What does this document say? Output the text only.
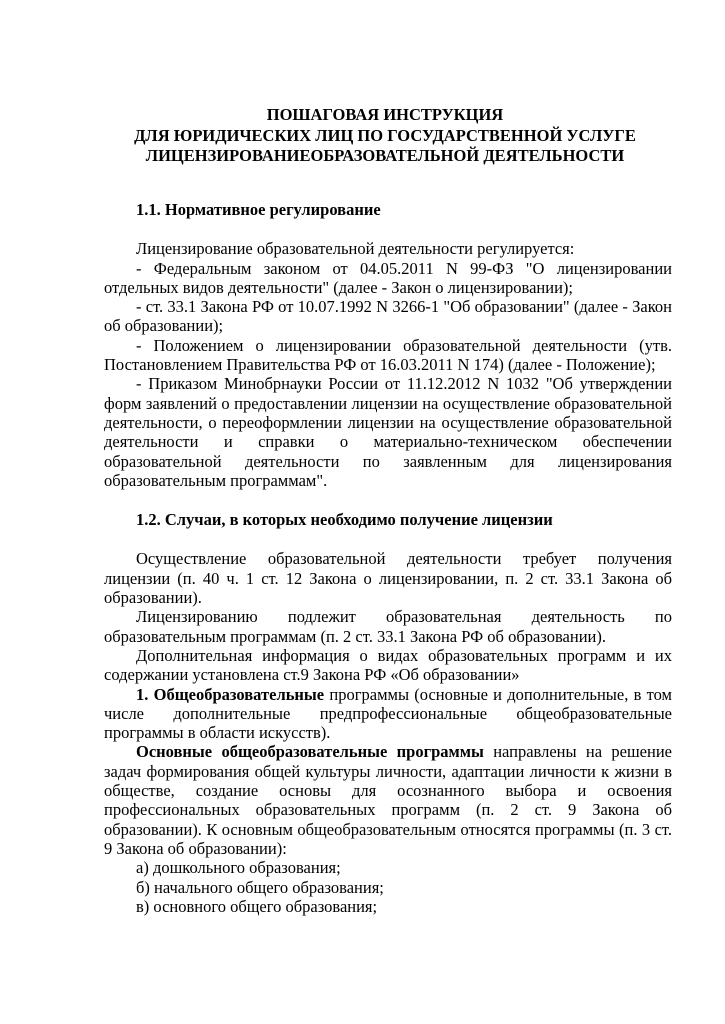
ПОШАГОВАЯ ИНСТРУКЦИЯ
ДЛЯ ЮРИДИЧЕСКИХ ЛИЦ ПО ГОСУДАРСТВЕННОЙ УСЛУГЕ
ЛИЦЕНЗИРОВАНИЕОБРАЗОВАТЕЛЬНОЙ ДЕЯТЕЛЬНОСТИ
1.1. Нормативное регулирование
Лицензирование образовательной деятельности регулируется:
- Федеральным законом от 04.05.2011 N 99-ФЗ "О лицензировании отдельных видов деятельности" (далее - Закон о лицензировании);
- ст. 33.1 Закона РФ от 10.07.1992 N 3266-1 "Об образовании" (далее - Закон об образовании);
- Положением о лицензировании образовательной деятельности (утв. Постановлением Правительства РФ от 16.03.2011 N 174) (далее - Положение);
- Приказом Минобрнауки России от 11.12.2012 N 1032 "Об утверждении форм заявлений о предоставлении лицензии на осуществление образовательной деятельности, о переоформлении лицензии на осуществление образовательной деятельности и справки о материально-техническом обеспечении образовательной деятельности по заявленным для лицензирования образовательным программам".
1.2. Случаи, в которых необходимо получение лицензии
Осуществление образовательной деятельности требует получения лицензии (п. 40 ч. 1 ст. 12 Закона о лицензировании, п. 2 ст. 33.1 Закона об образовании).
Лицензированию подлежит образовательная деятельность по образовательным программам (п. 2 ст. 33.1 Закона РФ об образовании).
Дополнительная информация о видах образовательных программ и их содержании установлена ст.9 Закона РФ «Об образовании»
1. Общеобразовательные программы (основные и дополнительные, в том числе дополнительные предпрофессиональные общеобразовательные программы в области искусств).
Основные общеобразовательные программы направлены на решение задач формирования общей культуры личности, адаптации личности к жизни в обществе, создание основы для осознанного выбора и освоения профессиональных образовательных программ (п. 2 ст. 9 Закона об образовании). К основным общеобразовательным относятся программы (п. 3 ст. 9 Закона об образовании):
а) дошкольного образования;
б) начального общего образования;
в) основного общего образования;
